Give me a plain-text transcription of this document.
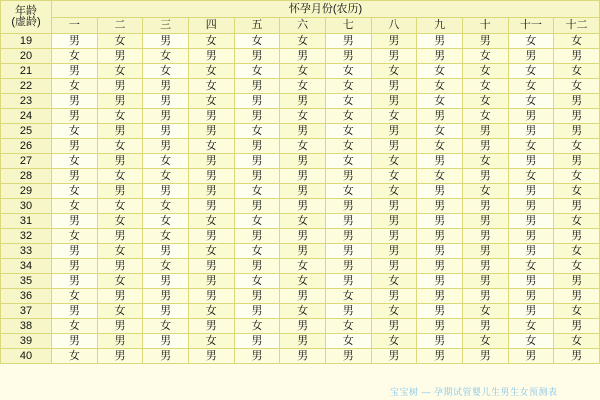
年龄
(虚龄)	怀孕月份(农历)											
	一	二	三	四	五	六	七	八	九	十	十一	十二
19	男	女	男	女	女	女	男	男	男	男	女	女
20	女	男	女	男	男	男	男	男	男	女	男	男
21	男	女	女	女	女	女	女	女	女	女	女	女
22	女	男	男	女	男	女	女	男	女	女	女	女
23	男	男	男	女	男	男	女	男	女	女	女	男
24	男	女	男	男	男	女	女	女	男	女	男	男
25	女	男	男	男	女	男	女	男	女	男	男	男
26	男	女	男	女	男	女	女	男	女	男	女	女
27	女	男	女	男	男	男	女	女	男	女	男	男
28	男	女	女	男	男	男	男	女	女	男	女	女
29	女	男	男	男	女	男	女	女	男	女	男	女
30	女	女	女	男	男	男	男	男	男	男	男	男
31	男	女	女	女	女	女	男	男	男	男	男	女
32	女	男	女	男	男	男	男	男	男	男	男	男
33	男	女	男	女	女	男	男	男	男	男	男	女
34	男	男	女	男	男	女	男	男	男	男	女	女
35	男	女	男	男	女	女	男	女	男	男	男	男
36	女	男	男	男	男	男	女	男	男	男	男	男
37	男	女	男	女	男	女	男	女	男	女	男	女
38	女	男	女	男	女	男	女	男	男	男	女	男
39	男	男	男	女	男	男	女	女	男	女	女	女
40	女	男	男	男	男	男	男	男	男	男	男	男
宝宝树 — 孕期试管婴儿生男生女预测表
